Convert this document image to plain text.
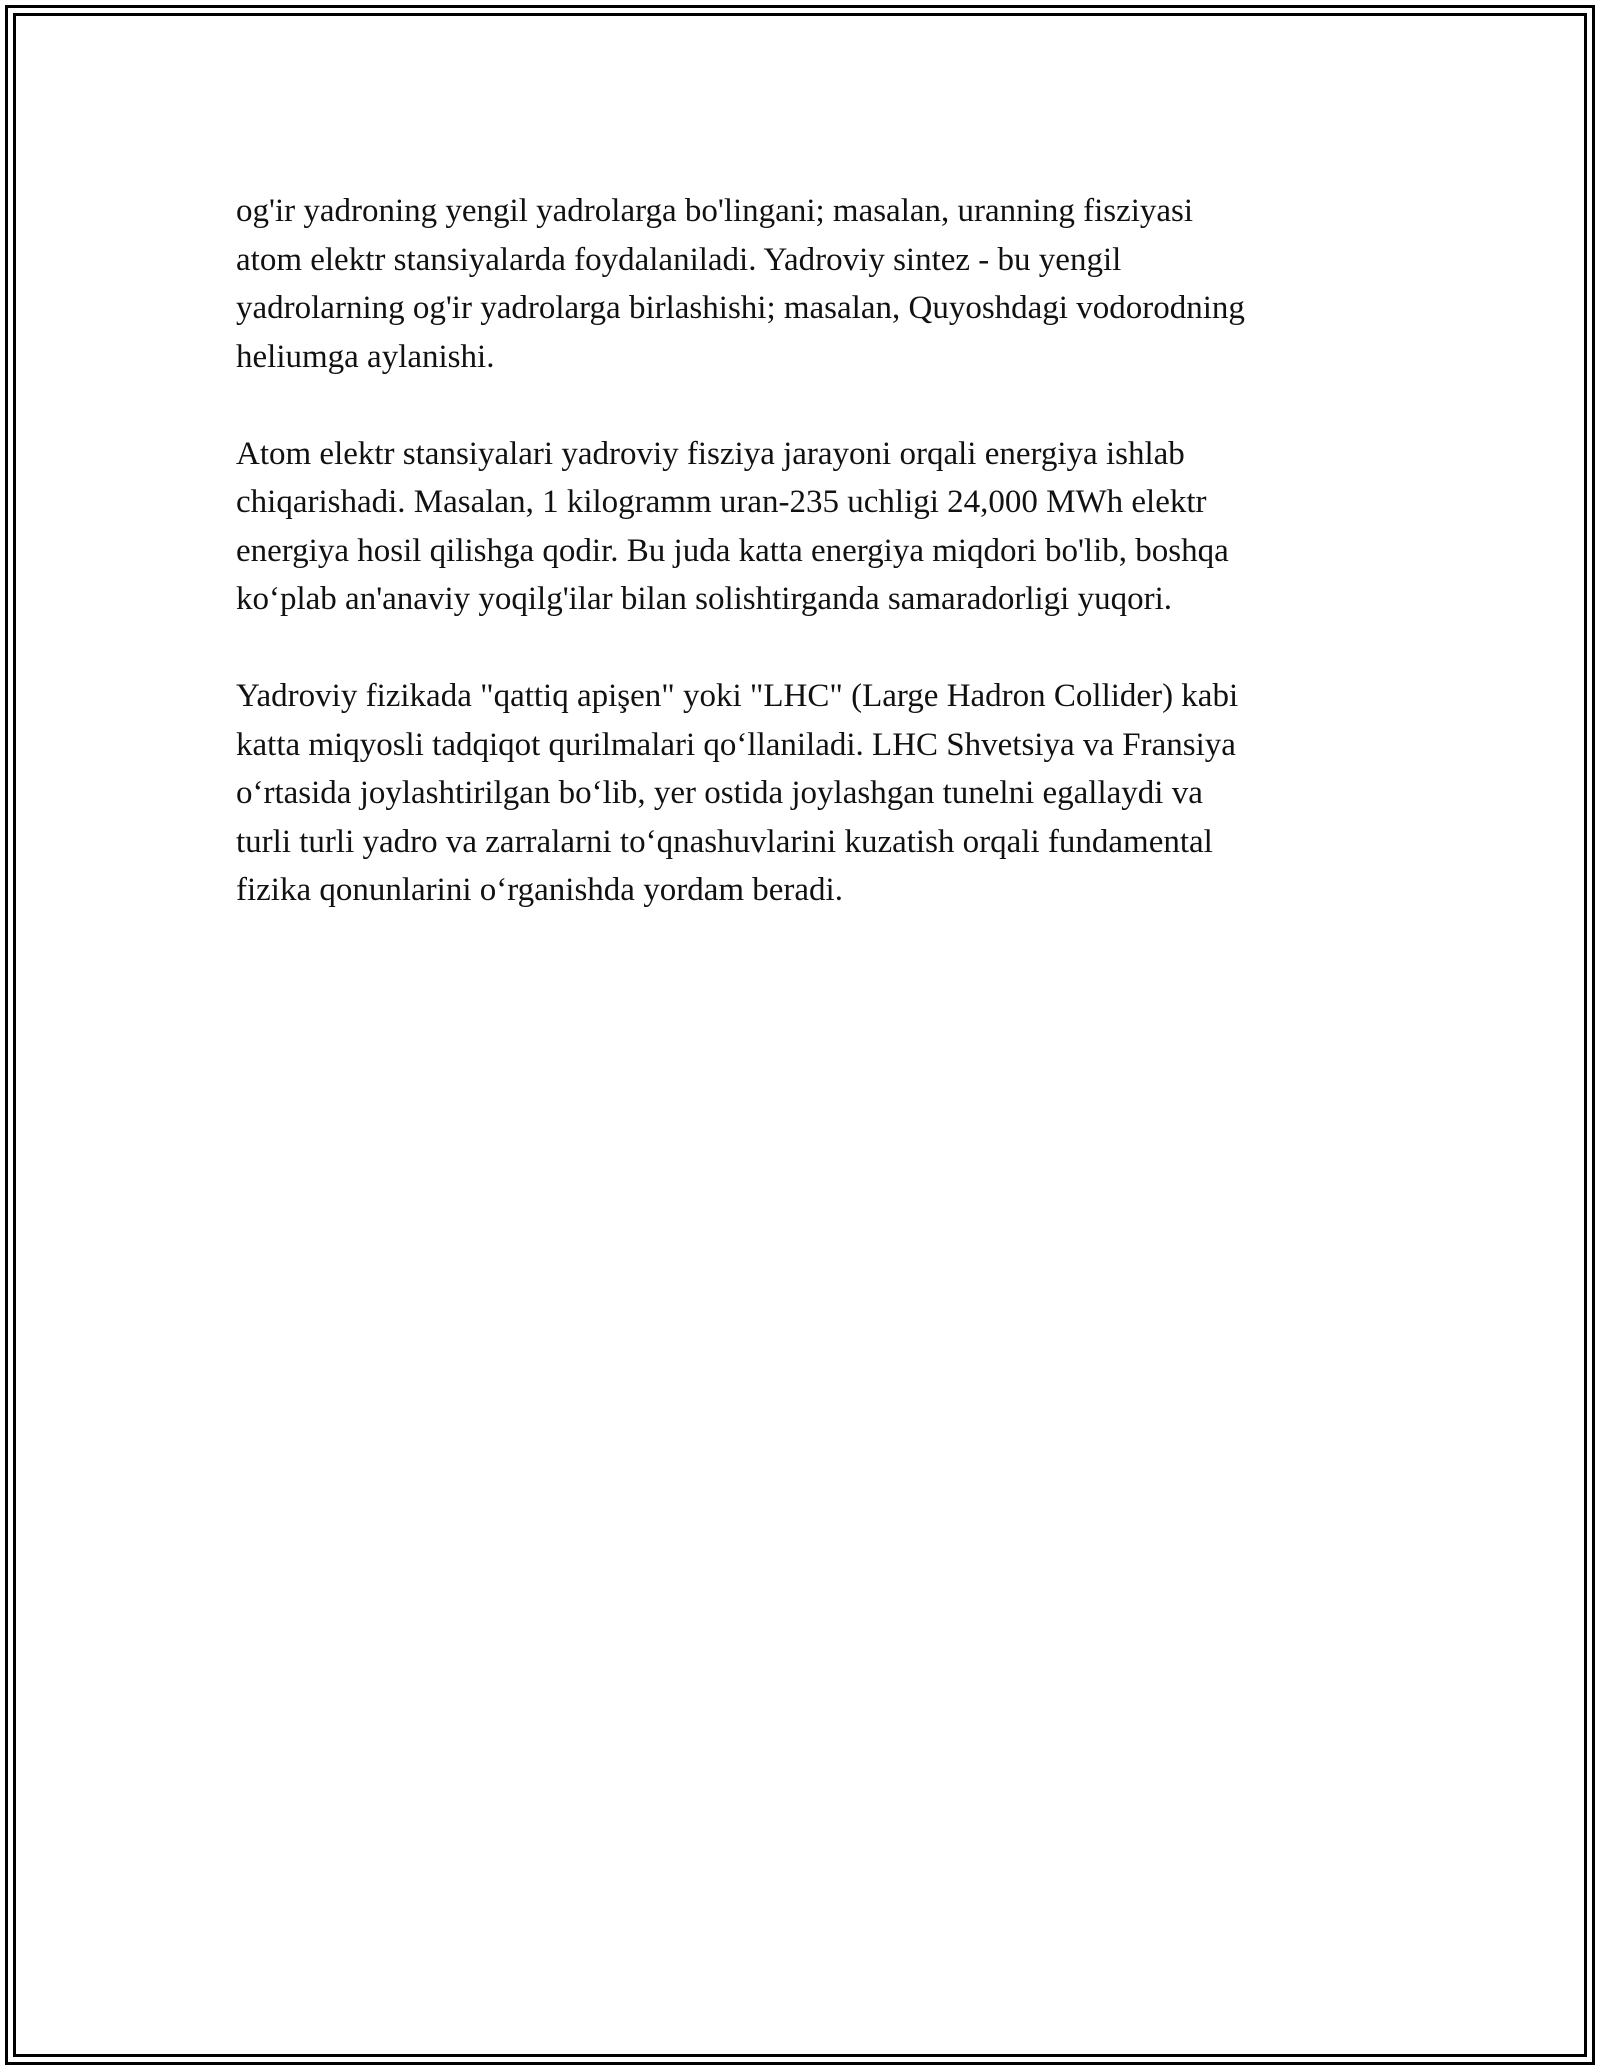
og'ir yadroning yengil yadrolarga bo'lingani; masalan, uranning fisziyasi
atom elektr stansiyalarda foydalaniladi. Yadroviy sintez - bu yengil
yadrolarning og'ir yadrolarga birlashishi; masalan, Quyoshdagi vodorodning
heliumga aylanishi.

Atom elektr stansiyalari yadroviy fisziya jarayoni orqali energiya ishlab
chiqarishadi. Masalan, 1 kilogramm uran-235 uchligi 24,000 MWh elektr
energiya hosil qilishga qodir. Bu juda katta energiya miqdori bo'lib, boshqa
ko‘plab an'anaviy yoqilg'ilar bilan solishtirganda samaradorligi yuqori.

Yadroviy fizikada "qattiq apişen" yoki "LHC" (Large Hadron Collider) kabi
katta miqyosli tadqiqot qurilmalari qo‘llaniladi. LHC Shvetsiya va Fransiya
o‘rtasida joylashtirilgan bo‘lib, yer ostida joylashgan tunelni egallaydi va
turli turli yadro va zarralarni to‘qnashuvlarini kuzatish orqali fundamental
fizika qonunlarini o‘rganishda yordam beradi.
